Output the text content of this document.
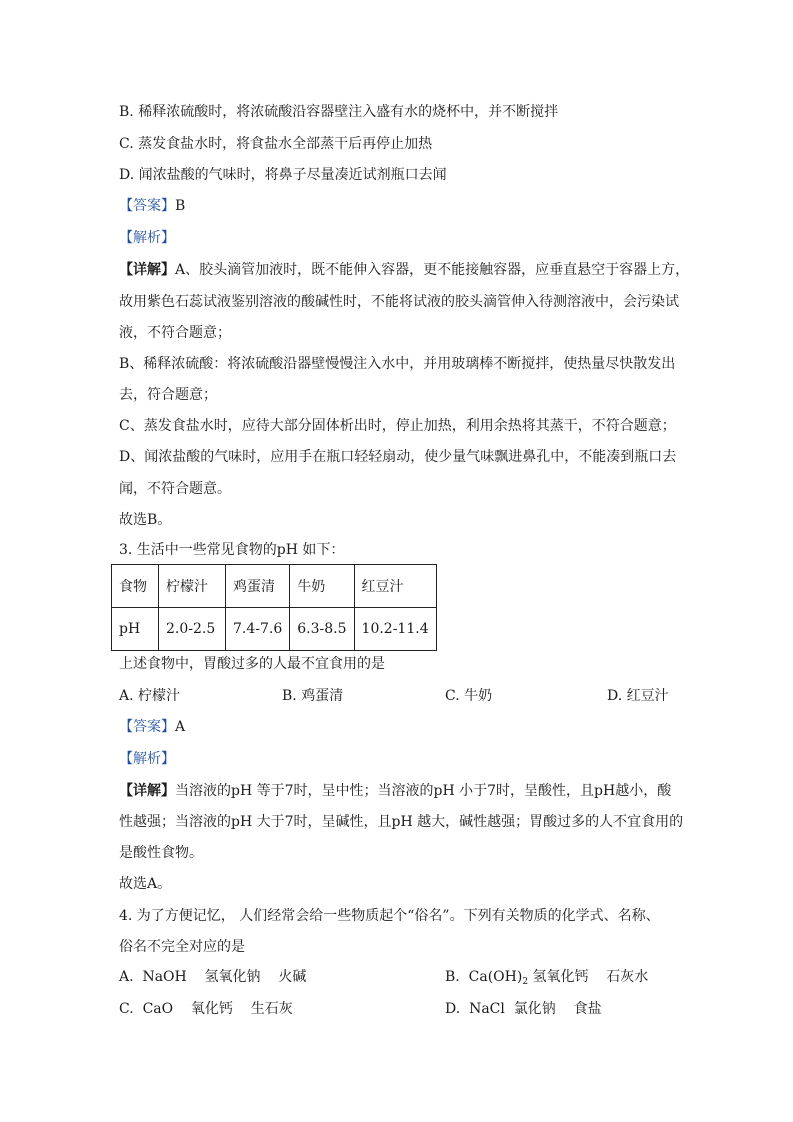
B. 稀释浓硫酸时，将浓硫酸沿容器壁注入盛有水的烧杯中，并不断搅拌
C. 蒸发食盐水时，将食盐水全部蒸干后再停止加热
D. 闻浓盐酸的气味时，将鼻子尽量凑近试剂瓶口去闻
【答案】B
【解析】
【详解】A、胶头滴管加液时，既不能伸入容器，更不能接触容器，应垂直悬空于容器上方，
故用紫色石蕊试液鉴别溶液的酸碱性时，不能将试液的胶头滴管伸入待测溶液中，会污染试
液，不符合题意；
B、稀释浓硫酸：将浓硫酸沿器壁慢慢注入水中，并用玻璃棒不断搅拌，使热量尽快散发出
去，符合题意；
C、蒸发食盐水时，应待大部分固体析出时，停止加热，利用余热将其蒸干，不符合题意；
D、闻浓盐酸的气味时，应用手在瓶口轻轻扇动，使少量气味飘进鼻孔中，不能凑到瓶口去
闻，不符合题意。
故选B。
3. 生活中一些常见食物的pH 如下：
食物	柠檬汁	鸡蛋清	牛奶	红豆汁
pH	2.0-2.5	7.4-7.6	6.3-8.5	10.2-11.4
上述食物中，胃酸过多的人最不宜食用的是
A. 柠檬汁	B. 鸡蛋清	C. 牛奶	D. 红豆汁
【答案】A
【解析】
【详解】当溶液的pH 等于7时，呈中性；当溶液的pH 小于7时，呈酸性，且pH越小，酸
性越强；当溶液的pH 大于7时，呈碱性，且pH 越大，碱性越强；胃酸过多的人不宜食用的
是酸性食物。
故选A。
4. 为了方便记忆， 人们经常会给一些物质起个“俗名”。下列有关物质的化学式、名称、
俗名不完全对应的是
A.  NaOH    氢氧化钠    火碱	B.  $Ca(OH)_2$ 氢氧化钙    石灰水
C.  CaO    氧化钙    生石灰	D.  NaCl  氯化钠    食盐
